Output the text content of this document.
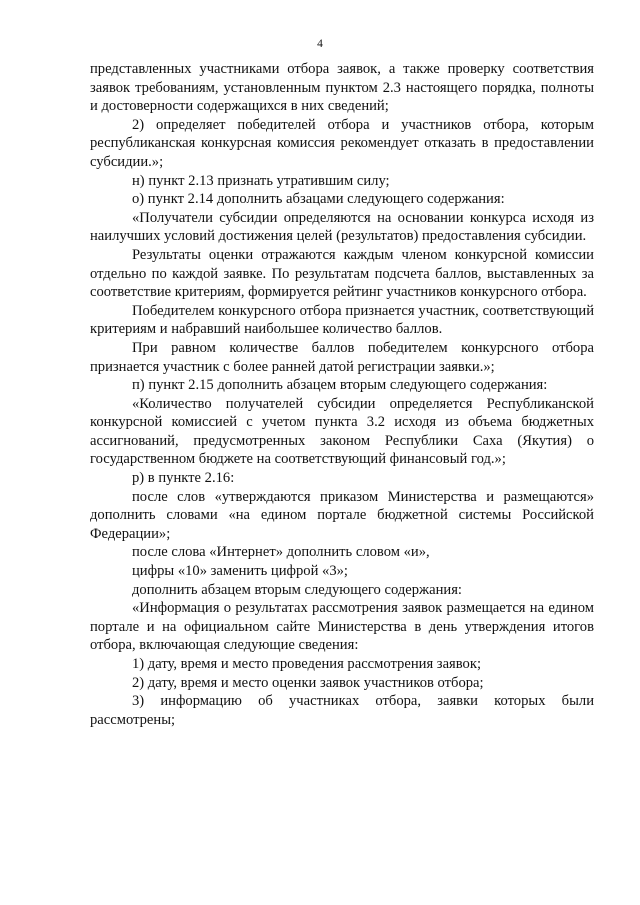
4

представленных участниками отбора заявок, а также проверку соответствия заявок требованиям, установленным пунктом 2.3 настоящего порядка, полноты и достоверности содержащихся в них сведений;

2) определяет победителей отбора и участников отбора, которым республиканская конкурсная комиссия рекомендует отказать в предоставлении субсидии.»;

н) пункт 2.13 признать утратившим силу;

о) пункт 2.14 дополнить абзацами следующего содержания:

«Получатели субсидии определяются на основании конкурса исходя из наилучших условий достижения целей (результатов) предоставления субсидии.

Результаты оценки отражаются каждым членом конкурсной комиссии отдельно по каждой заявке. По результатам подсчета баллов, выставленных за соответствие критериям, формируется рейтинг участников конкурсного отбора.

Победителем конкурсного отбора признается участник, соответствующий критериям и набравший наибольшее количество баллов.

При равном количестве баллов победителем конкурсного отбора признается участник с более ранней датой регистрации заявки.»;

п) пункт 2.15 дополнить абзацем вторым следующего содержания:

«Количество получателей субсидии определяется Республиканской конкурсной комиссией с учетом пункта 3.2 исходя из объема бюджетных ассигнований, предусмотренных законом Республики Саха (Якутия) о государственном бюджете на соответствующий финансовый год.»;

р) в пункте 2.16:

после слов «утверждаются приказом Министерства и размещаются» дополнить словами «на едином портале бюджетной системы Российской Федерации»;

после слова «Интернет» дополнить словом «и»,

цифры «10» заменить цифрой «3»;

дополнить абзацем вторым следующего содержания:

«Информация о результатах рассмотрения заявок размещается на едином портале и на официальном сайте Министерства в день утверждения итогов отбора, включающая следующие сведения:

1) дату, время и место проведения рассмотрения заявок;

2) дату, время и место оценки заявок участников отбора;

3) информацию об участниках отбора, заявки которых были рассмотрены;
